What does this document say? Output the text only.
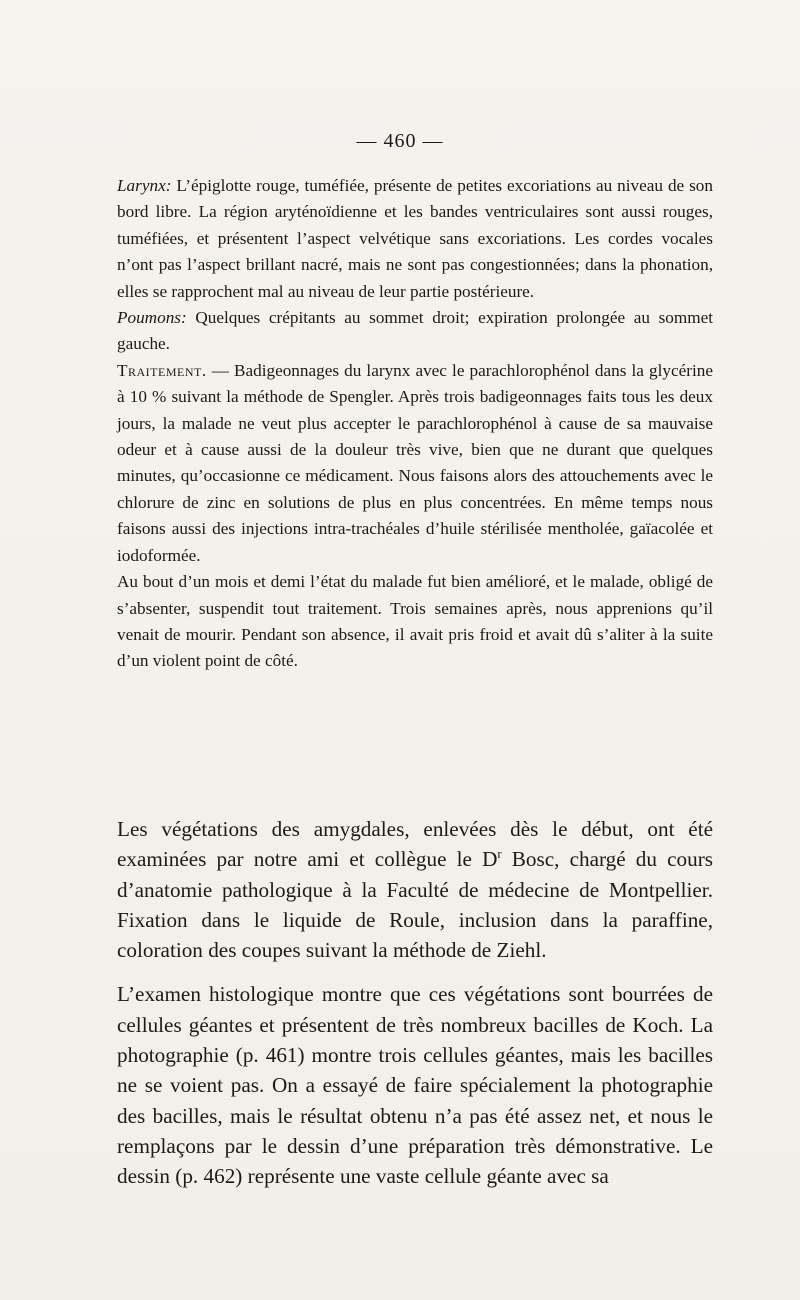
— 460 —

Larynx: L’épiglotte rouge, tuméfiée, présente de petites excoriations au niveau de son bord libre. La région aryténoïdienne et les bandes ventriculaires sont aussi rouges, tuméfiées, et présentent l’aspect velvétique sans excoriations. Les cordes vocales n’ont pas l’aspect brillant nacré, mais ne sont pas congestionnées; dans la phonation, elles se rapprochent mal au niveau de leur partie postérieure.

Poumons: Quelques crépitants au sommet droit; expiration prolongée au sommet gauche.

Traitement. — Badigeonnages du larynx avec le parachlorophénol dans la glycérine à 10 % suivant la méthode de Spengler. Après trois badigeonnages faits tous les deux jours, la malade ne veut plus accepter le parachlorophénol à cause de sa mauvaise odeur et à cause aussi de la douleur très vive, bien que ne durant que quelques minutes, qu’occasionne ce médicament. Nous faisons alors des attouchements avec le chlorure de zinc en solutions de plus en plus concentrées. En même temps nous faisons aussi des injections intra-trachéales d’huile stérilisée mentholée, gaïacolée et iodoformée.

Au bout d’un mois et demi l’état du malade fut bien amélioré, et le malade, obligé de s’absenter, suspendit tout traitement. Trois semaines après, nous apprenions qu’il venait de mourir. Pendant son absence, il avait pris froid et avait dû s’aliter à la suite d’un violent point de côté.

Les végétations des amygdales, enlevées dès le début, ont été examinées par notre ami et collègue le $D^r$ Bosc, chargé du cours d’anatomie pathologique à la Faculté de médecine de Montpellier. Fixation dans le liquide de Roule, inclusion dans la paraffine, coloration des coupes suivant la méthode de Ziehl.

L’examen histologique montre que ces végétations sont bourrées de cellules géantes et présentent de très nombreux bacilles de Koch. La photographie (p. 461) montre trois cellules géantes, mais les bacilles ne se voient pas. On a essayé de faire spécialement la photographie des bacilles, mais le résultat obtenu n’a pas été assez net, et nous le remplaçons par le dessin d’une préparation très démonstrative. Le dessin (p. 462) représente une vaste cellule géante avec sa
